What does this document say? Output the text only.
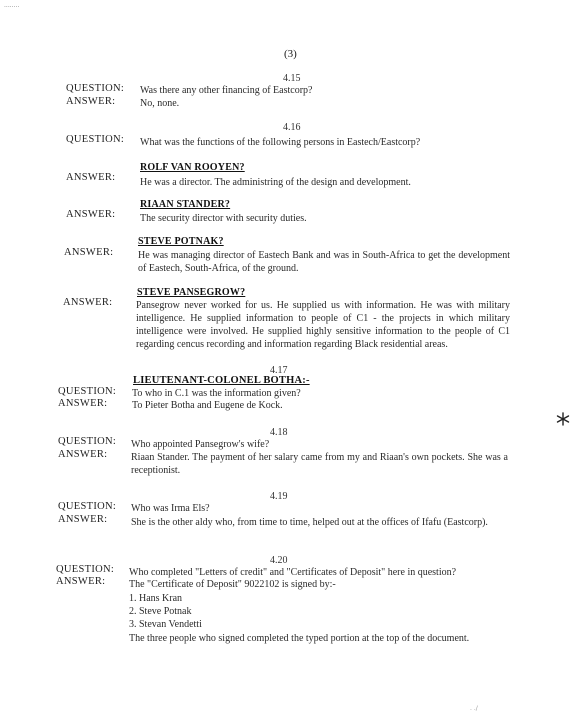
........
(3)
4.15
QUESTION: Was there any other financing of Eastcorp?
ANSWER: No, none.
4.16
QUESTION: What was the functions of the following persons in Eastech/Eastcorp?
ROLF VAN ROOYEN?
ANSWER: He was a director. The administring of the design and development.
RIAAN STANDER?
ANSWER: The security director with security duties.
STEVE POTNAK?
ANSWER: He was managing director of Eastech Bank and was in South-Africa to get the development of Eastech, South-Africa, of the ground.
STEVE PANSEGROW?
ANSWER: Pansegrow never worked for us. He supplied us with information. He was with military intelligence. He supplied information to people of C1 - the projects in which military intelligence were involved. He supplied highly sensitive information to the people of C1 regarding cencus recording and information regarding Black residential areas.
4.17
LIEUTENANT-COLONEL BOTHA:-
QUESTION: To who in C.1 was the information given?
ANSWER: To Pieter Botha and Eugene de Kock.
4.18
QUESTION: Who appointed Pansegrow's wife?
ANSWER: Riaan Stander. The payment of her salary came from my and Riaan's own pockets. She was a receptionist.
4.19
QUESTION: Who was Irma Els?
ANSWER: She is the other aldy who, from time to time, helped out at the offices of Ifafu (Eastcorp).
4.20
QUESTION: Who completed "Letters of credit" and "Certificates of Deposit" here in question?
ANSWER: The "Certificate of Deposit" 9022102 is signed by:-
1. Hans Kran
2. Steve Potnak
3. Stevan Vendetti
The three people who signed completed the typed portion at the top of the document.
. ./
